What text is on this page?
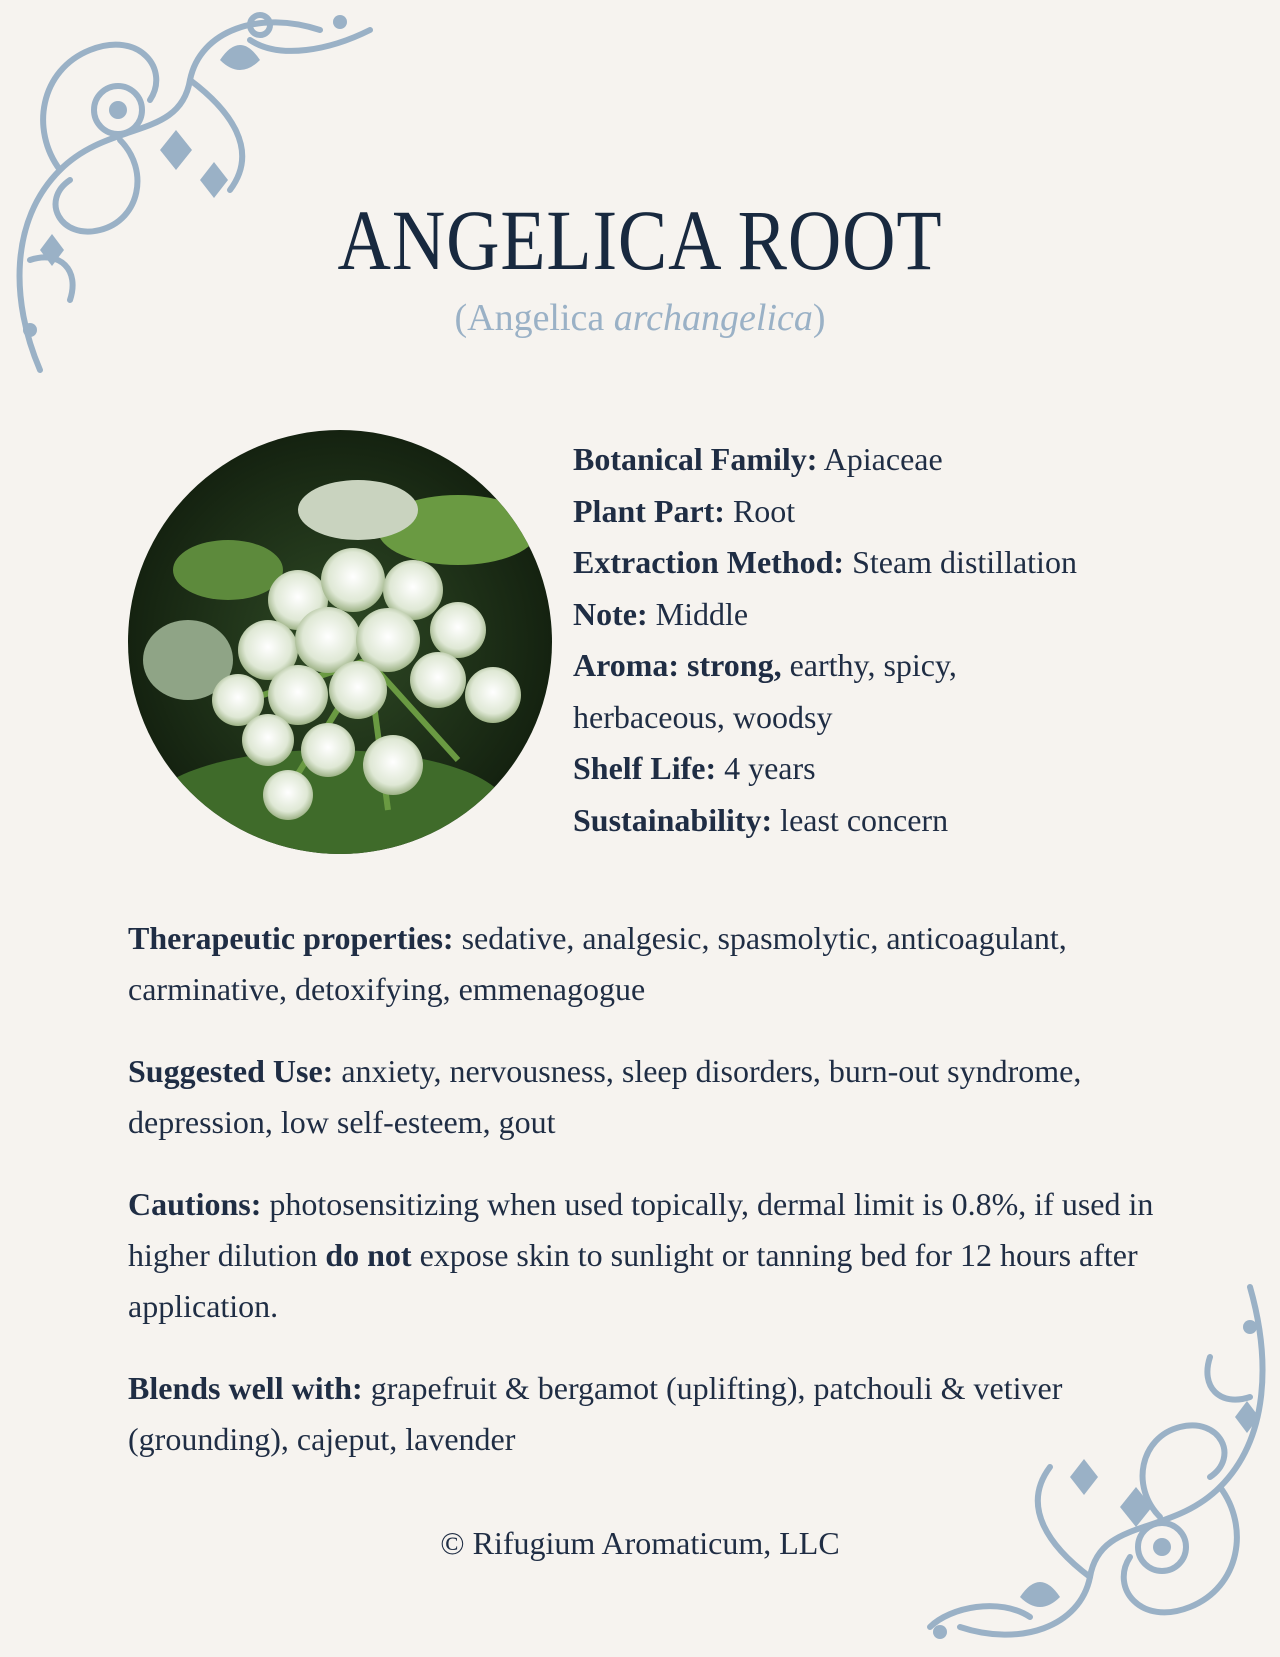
ANGELICA ROOT
(Angelica archangelica)
Botanical Family: Apiaceae
Plant Part: Root
Extraction Method: Steam distillation
Note: Middle
Aroma: strong, earthy, spicy,
herbaceous, woodsy
Shelf Life: 4 years
Sustainability: least concern

Therapeutic properties: sedative, analgesic, spasmolytic, anticoagulant, carminative, detoxifying, emmenagogue

Suggested Use: anxiety, nervousness, sleep disorders, burn-out syndrome, depression, low self-esteem, gout

Cautions: photosensitizing when used topically, dermal limit is 0.8%, if used in higher dilution do not expose skin to sunlight or tanning bed for 12 hours after application.

Blends well with: grapefruit & bergamot (uplifting), patchouli & vetiver (grounding), cajeput, lavender

© Rifugium Aromaticum, LLC
